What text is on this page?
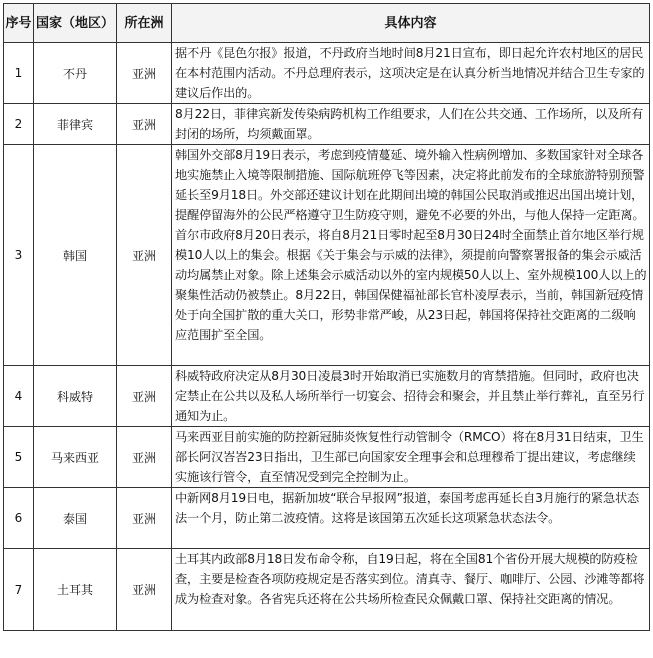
序号	国家（地区）	所在洲	具体内容
1	不丹	亚洲	据不丹《昆色尔报》报道，不丹政府当地时间8月21日宣布，即日起允许农村地区的居民在本村范围内活动。不丹总理府表示，这项决定是在认真分析当地情况并结合卫生专家的建议后作出的。
2	菲律宾	亚洲	8月22日，菲律宾新发传染病跨机构工作组要求，人们在公共交通、工作场所，以及所有封闭的场所，均须戴面罩。
3	韩国	亚洲	韩国外交部8月19日表示，考虑到疫情蔓延、境外输入性病例增加、多数国家针对全球各地实施禁止入境等限制措施、国际航班停飞等因素，决定将此前发布的全球旅游特别预警延长至9月18日。外交部还建议计划在此期间出境的韩国公民取消或推迟出国出境计划，提醒停留海外的公民严格遵守卫生防疫守则，避免不必要的外出，与他人保持一定距离。首尔市政府8月20日表示，将自8月21日零时起至8月30日24时全面禁止首尔地区举行规模10人以上的集会。根据《关于集会与示威的法律》，须提前向警察署报备的集会示威活动均属禁止对象。除上述集会示威活动以外的室内规模50人以上、室外规模100人以上的聚集性活动仍被禁止。8月22日，韩国保健福祉部长官朴凌厚表示，当前，韩国新冠疫情处于向全国扩散的重大关口，形势非常严峻，从23日起，韩国将保持社交距离的二级响应范围扩至全国。
4	科威特	亚洲	科威特政府决定从8月30日凌晨3时开始取消已实施数月的宵禁措施。但同时，政府也决定禁止在公共以及私人场所举行一切宴会、招待会和聚会，并且禁止举行葬礼，直至另行通知为止。
5	马来西亚	亚洲	马来西亚目前实施的防控新冠肺炎恢复性行动管制令（RMCO）将在8月31日结束，卫生部长阿汉峇峇23日指出，卫生部已向国家安全理事会和总理穆希丁提出建议，考虑继续实施该行管令，直至情况受到完全控制为止。
6	泰国	亚洲	中新网8月19日电，据新加坡“联合早报网”报道，泰国考虑再延长自3月施行的紧急状态法一个月，防止第二波疫情。这将是该国第五次延长这项紧急状态法令。
7	土耳其	亚洲	土耳其内政部8月18日发布命令称，自19日起，将在全国81个省份开展大规模的防疫检查，主要是检查各项防疫规定是否落实到位。清真寺、餐厅、咖啡厅、公园、沙滩等都将成为检查对象。各省宪兵还将在公共场所检查民众佩戴口罩、保持社交距离的情况。
